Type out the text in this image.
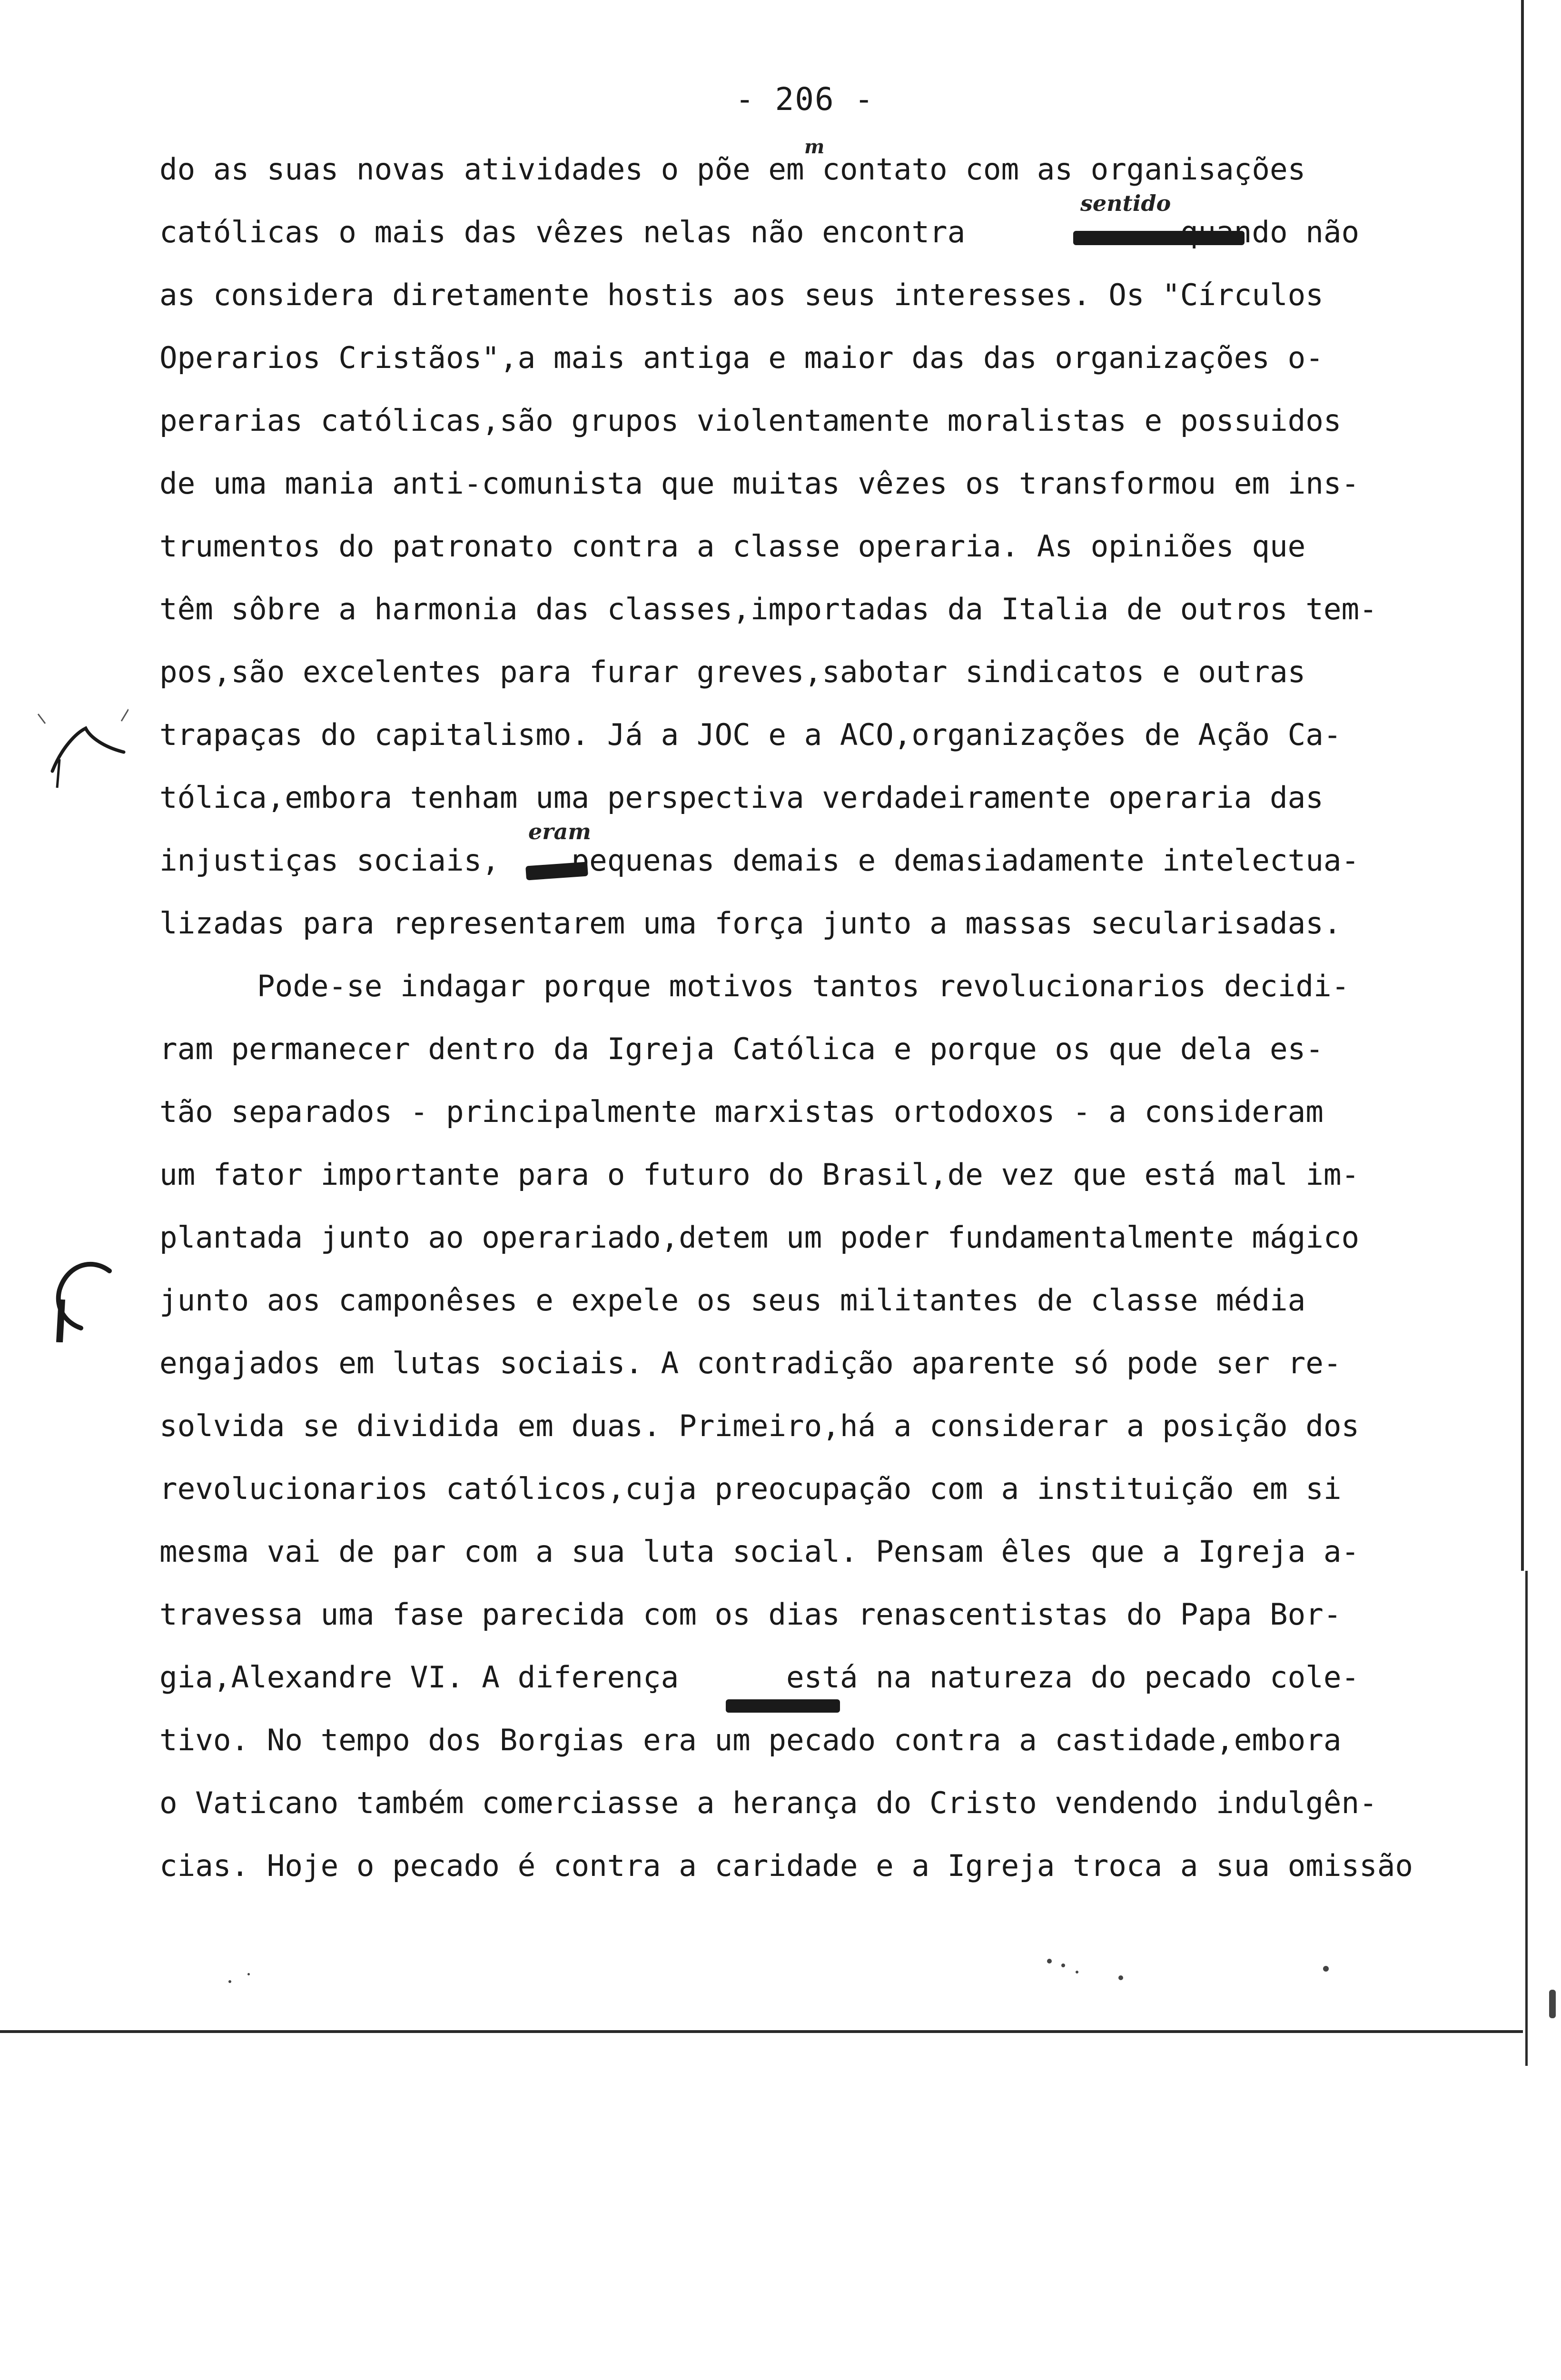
- 206 -
m
sentido
eram
do as suas novas atividades o põe em contato com as organisações
católicas o mais das vêzes nelas não encontra            quando não
as considera diretamente hostis aos seus interesses. Os "Círculos
Operarios Cristãos",a mais antiga e maior das das organizações o-
perarias católicas,são grupos violentamente moralistas e possuidos
de uma mania anti-comunista que muitas vêzes os transformou em ins-
trumentos do patronato contra a classe operaria. As opiniões que
têm sôbre a harmonia das classes,importadas da Italia de outros tem-
pos,são excelentes para furar greves,sabotar sindicatos e outras
trapaças do capitalismo. Já a JOC e a ACO,organizações de Ação Ca-
tólica,embora tenham uma perspectiva verdadeiramente operaria das
injustiças sociais,    pequenas demais e demasiadamente intelectua-
lizadas para representarem uma força junto a massas secularisadas.
Pode-se indagar porque motivos tantos revolucionarios decidi-
ram permanecer dentro da Igreja Católica e porque os que dela es-
tão separados - principalmente marxistas ortodoxos - a consideram
um fator importante para o futuro do Brasil,de vez que está mal im-
plantada junto ao operariado,detem um poder fundamentalmente mágico
junto aos camponêses e expele os seus militantes de classe média
engajados em lutas sociais. A contradição aparente só pode ser re-
solvida se dividida em duas. Primeiro,há a considerar a posição dos
revolucionarios católicos,cuja preocupação com a instituição em si
mesma vai de par com a sua luta social. Pensam êles que a Igreja a-
travessa uma fase parecida com os dias renascentistas do Papa Bor-
gia,Alexandre VI. A diferença      está na natureza do pecado cole-
tivo. No tempo dos Borgias era um pecado contra a castidade,embora
o Vaticano também comerciasse a herança do Cristo vendendo indulgên-
cias. Hoje o pecado é contra a caridade e a Igreja troca a sua omissão
